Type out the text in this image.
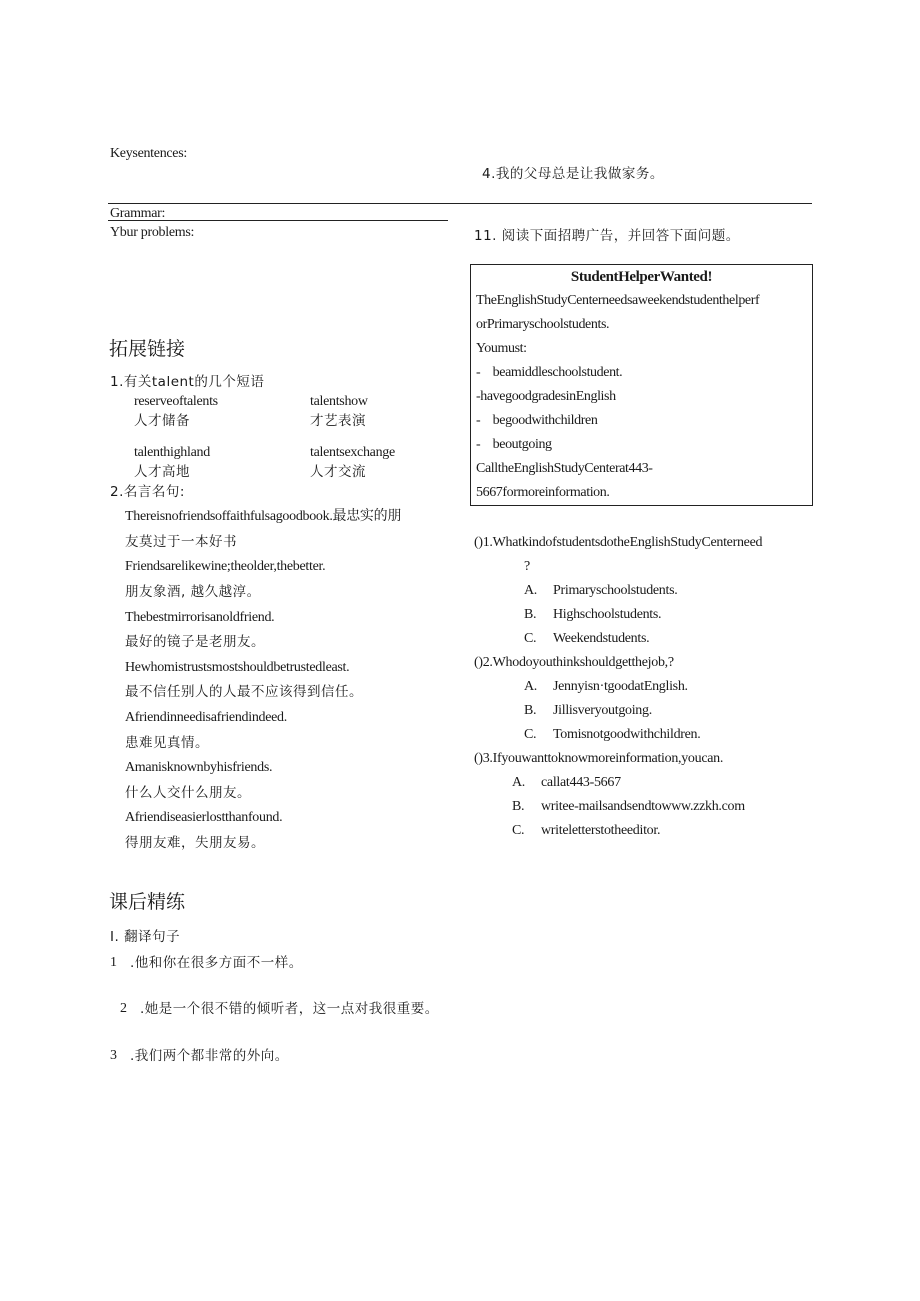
Keysentences:
Grammar:
Ybur problems:
拓展链接
1.有关talent的几个短语
reserveoftalents
人才储备
talentshow
才艺表演
talenthighland
人才高地
talentsexchange
人才交流
2.名言名句:
Thereisnofriendsoffaithfulsagoodbook.最忠实的朋
友莫过于一本好书
Friendsarelikewine;theolder,thebetter.
朋友象酒, 越久越淳。
Thebestmirrorisanoldfriend.
最好的镜子是老朋友。
Hewhomistrustsmostshouldbetrustedleast.
最不信任别人的人最不应该得到信任。
Afriendinneedisafriendindeed.
患难见真情。
Amanisknownbyhisfriends.
什么人交什么朋友。
Afriendiseasierlostthanfound.
得朋友难，失朋友易。
课后精练
I. 翻译句子
1 .他和你在很多方面不一样。
2 .她是一个很不错的倾听者，这一点对我很重要。
3 .我们两个都非常的外向。
4.我的父母总是让我做家务。
11. 阅读下面招聘广告，并回答下面问题。
StudentHelperWanted!
TheEnglishStudyCenterneedsaweekendstudenthelperf
orPrimaryschoolstudents.
Youmust:
-    beamiddleschoolstudent.
-havegoodgradesinEnglish
-    begoodwithchildren
-    beoutgoing
CalltheEnglishStudyCenterat443-
5667formoreinformation.
()1.WhatkindofstudentsdotheEnglishStudyCenterneed
?
A. Primaryschoolstudents.
B. Highschoolstudents.
C. Weekendstudents.
()2.Whodoyouthinkshouldgetthejob,?
A. Jennyisn·tgoodatEnglish.
B. Jillisveryoutgoing.
C. Tomisnotgoodwithchildren.
()3.Ifyouwanttoknowmoreinformation,youcan.
A. callat443-5667
B. writee-mailsandsendtowww.zzkh.com
C. writeletterstotheeditor.
